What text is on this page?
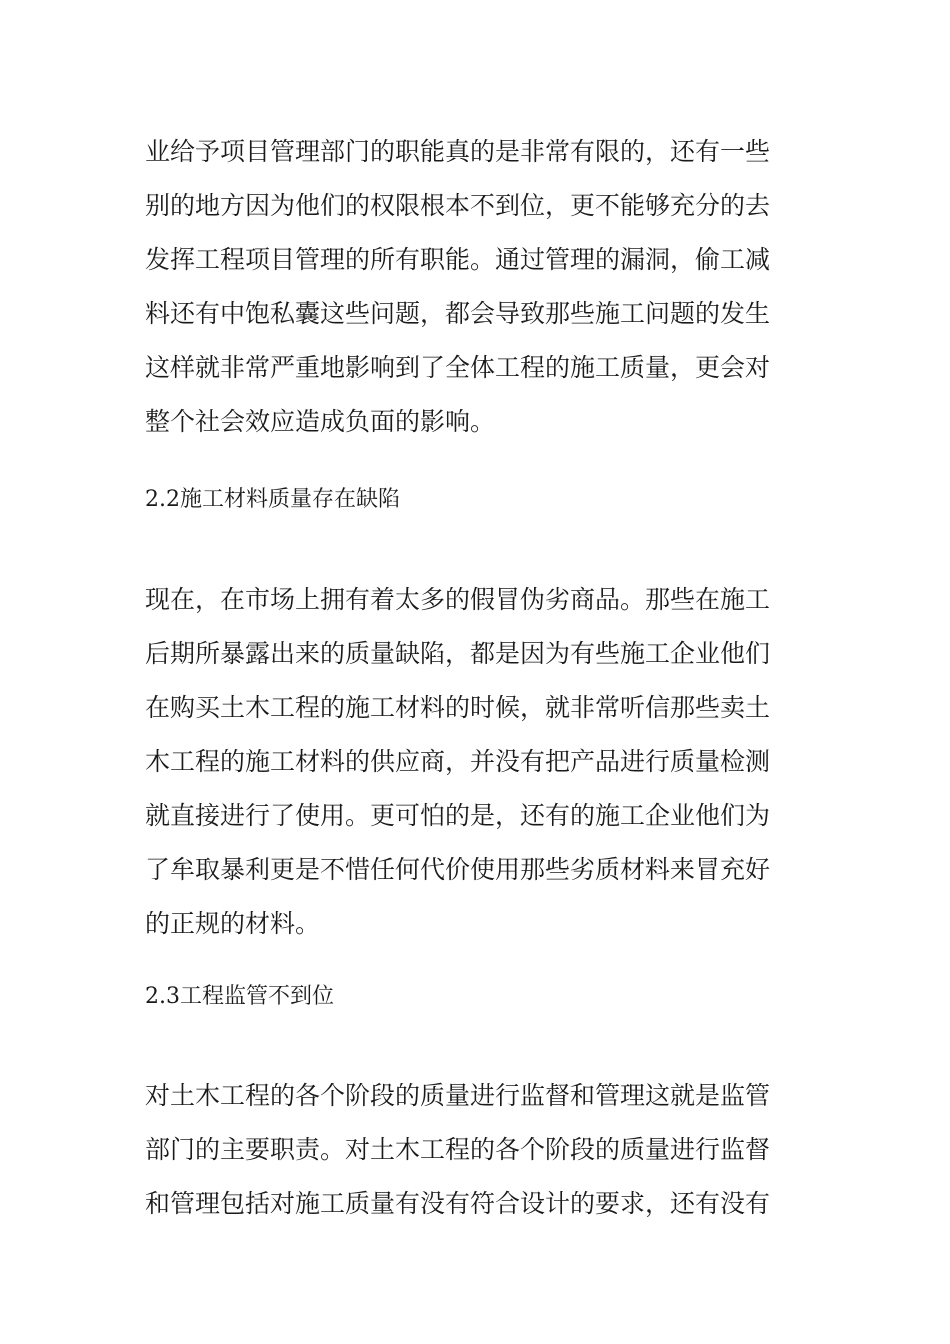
业给予项目管理部门的职能真的是非常有限的，还有一些
别的地方因为他们的权限根本不到位，更不能够充分的去
发挥工程项目管理的所有职能。通过管理的漏洞，偷工减
料还有中饱私囊这些问题，都会导致那些施工问题的发生
这样就非常严重地影响到了全体工程的施工质量，更会对
整个社会效应造成负面的影响。
2.2施工材料质量存在缺陷
现在，在市场上拥有着太多的假冒伪劣商品。那些在施工
后期所暴露出来的质量缺陷，都是因为有些施工企业他们
在购买土木工程的施工材料的时候，就非常听信那些卖土
木工程的施工材料的供应商，并没有把产品进行质量检测
就直接进行了使用。更可怕的是，还有的施工企业他们为
了牟取暴利更是不惜任何代价使用那些劣质材料来冒充好
的正规的材料。
2.3工程监管不到位
对土木工程的各个阶段的质量进行监督和管理这就是监管
部门的主要职责。对土木工程的各个阶段的质量进行监督
和管理包括对施工质量有没有符合设计的要求，还有没有
